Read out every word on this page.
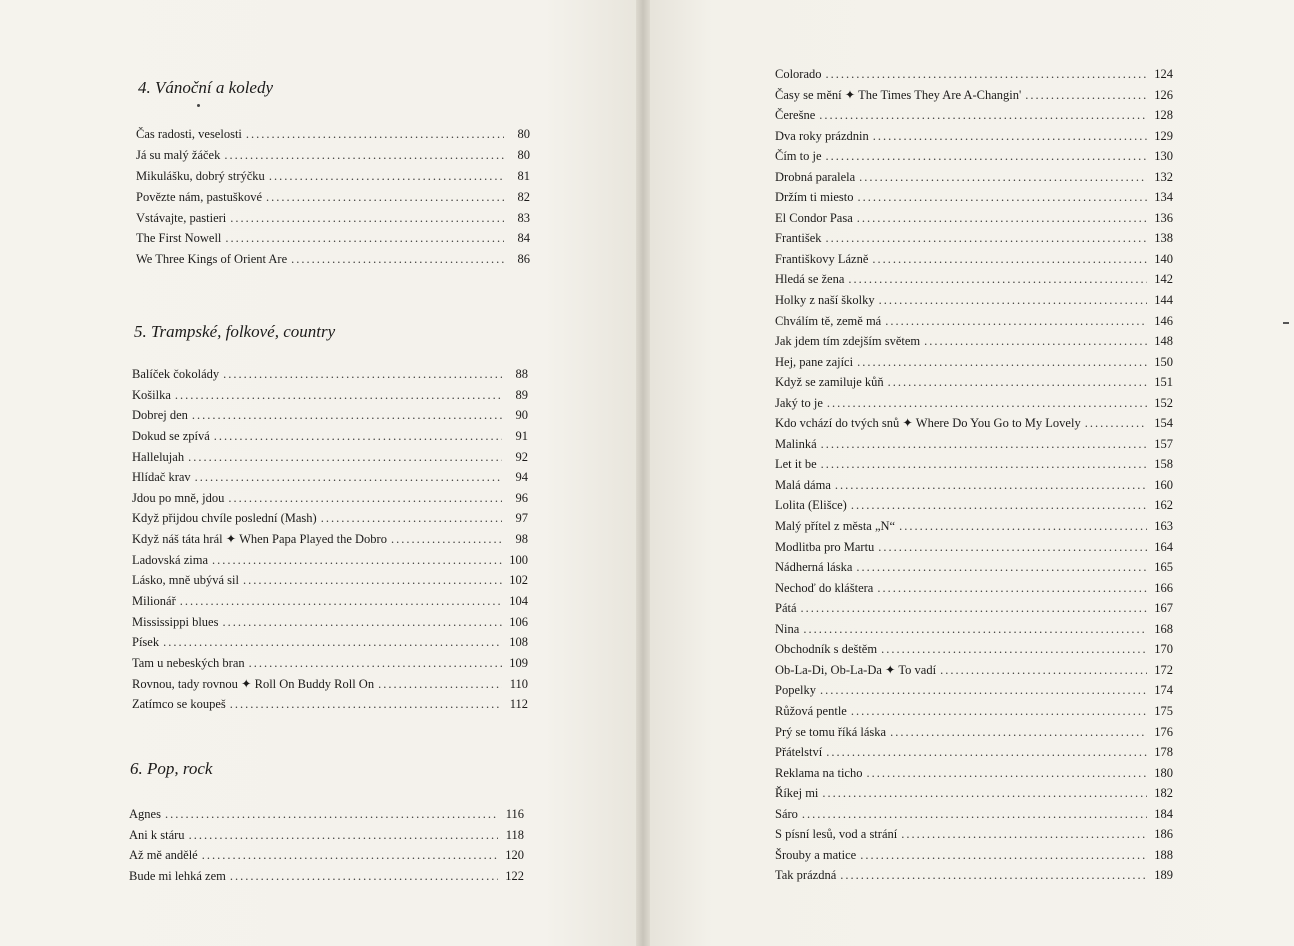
4. Vánoční a koledy
Čas radosti, veselosti .....	80
Já su malý žáček .....	80
Mikulášku, dobrý strýčku .....	81
Povězte nám, pastuškové .....	82
Vstávajte, pastieri .....	83
The First Nowell .....	84
We Three Kings of Orient Are .....	86
5. Trampské, folkové, country
Balíček čokolády .....	88
Košilka .....	89
Dobrej den .....	90
Dokud se zpívá .....	91
Hallelujah .....	92
Hlídač krav .....	94
Jdou po mně, jdou .....	96
Když přijdou chvíle poslední (Mash) .....	97
Když náš táta hrál ✦ When Papa Played the Dobro .....	98
Ladovská zima .....	100
Lásko, mně ubývá sil .....	102
Milionář .....	104
Mississippi blues .....	106
Písek .....	108
Tam u nebeských bran .....	109
Rovnou, tady rovnou ✦ Roll On Buddy Roll On .....	110
Zatímco se koupeš .....	112
6. Pop, rock
Agnes .....	116
Ani k stáru .....	118
Až mě andělé .....	120
Bude mi lehká zem .....	122
Colorado .....	124
Časy se mění ✦ The Times They Are A-Changin' .....	126
Čerešne .....	128
Dva roky prázdnin .....	129
Čím to je .....	130
Drobná paralela .....	132
Držím ti miesto .....	134
El Condor Pasa .....	136
František .....	138
Františkovy Lázně .....	140
Hledá se žena .....	142
Holky z naší školky .....	144
Chválím tě, země má .....	146
Jak jdem tím zdejším světem .....	148
Hej, pane zajíci .....	150
Když se zamiluje kůň .....	151
Jaký to je .....	152
Kdo vchází do tvých snů ✦ Where Do You Go to My Lovely .....	154
Malinká .....	157
Let it be .....	158
Malá dáma .....	160
Lolita (Elišce) .....	162
Malý přítel z města „N“ .....	163
Modlitba pro Martu .....	164
Nádherná láska .....	165
Nechoď do kláštera .....	166
Pátá .....	167
Nina .....	168
Obchodník s deštěm .....	170
Ob-La-Di, Ob-La-Da ✦ To vadí .....	172
Popelky .....	174
Růžová pentle .....	175
Prý se tomu říká láska .....	176
Přátelství .....	178
Reklama na ticho .....	180
Říkej mi .....	182
Sáro .....	184
S písní lesů, vod a strání .....	186
Šrouby a matice .....	188
Tak prázdná .....	189
